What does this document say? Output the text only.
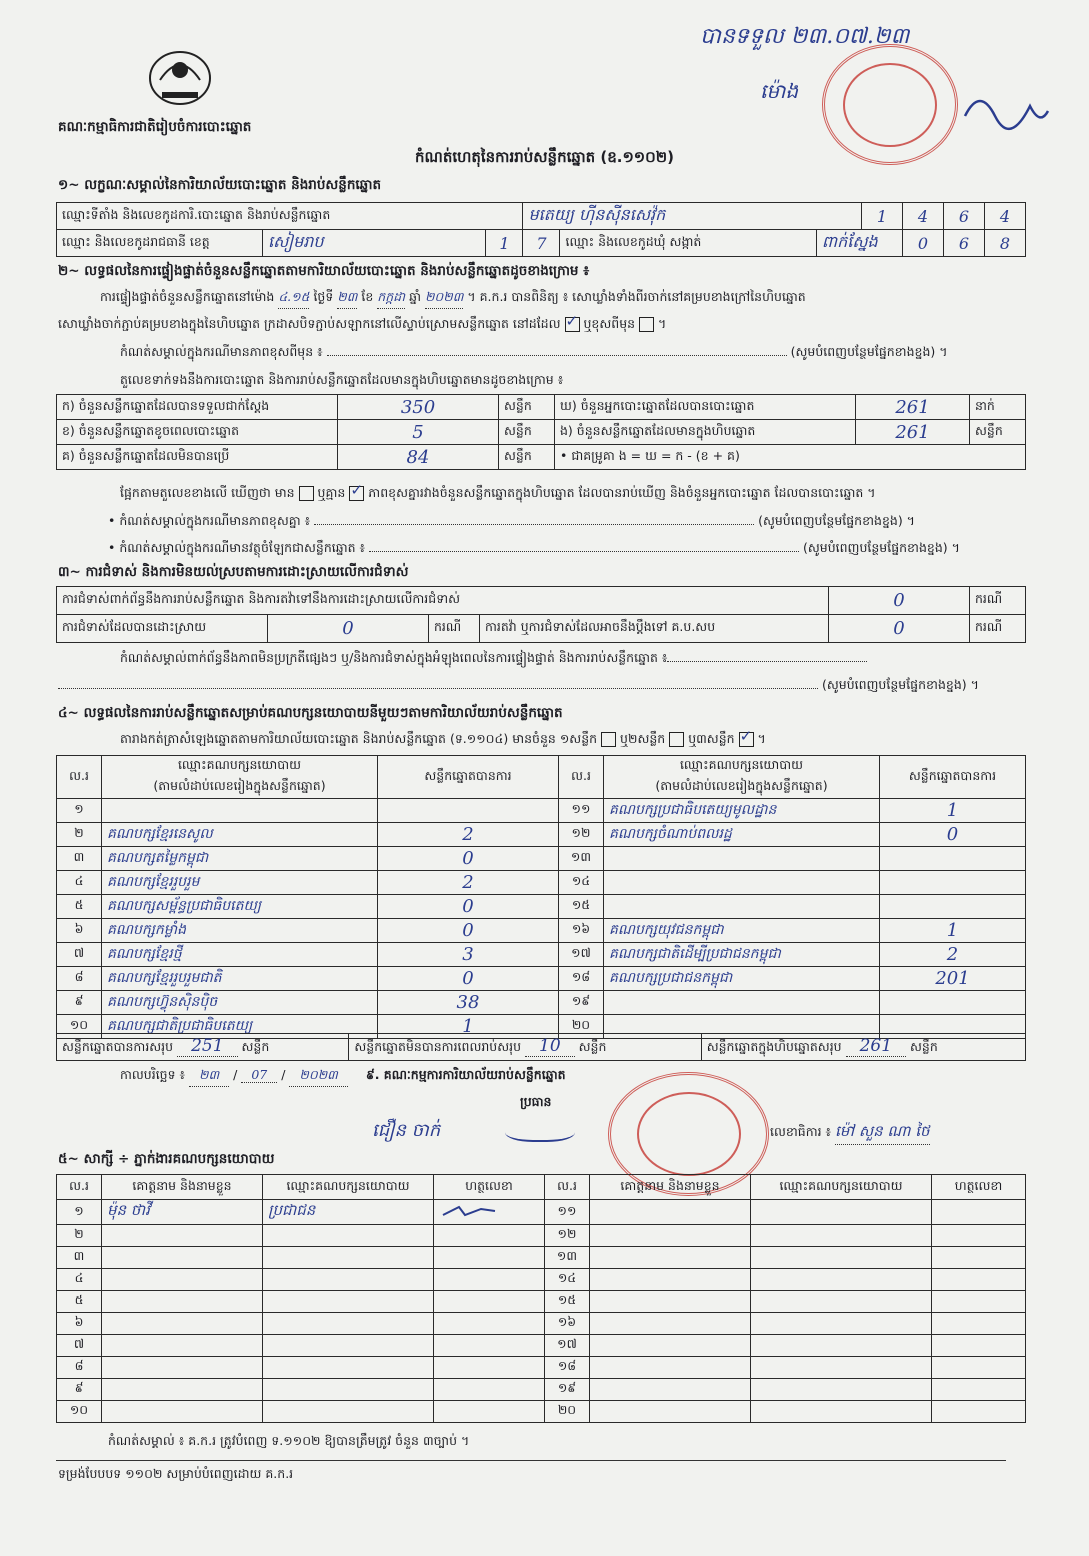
គណៈកម្មាធិការជាតិរៀបចំការបោះឆ្នោត
បានទទួល ២៣.០៧.២៣
ម៉ោង
កំណត់ហេតុនៃការរាប់សន្លឹកឆ្នោត (ឧ.១១០២)
១~ លក្ខណៈសម្គាល់នៃការិយាល័យបោះឆ្នោត និងរាប់សន្លឹកឆ្នោត
ឈ្មោះទីតាំង និងលេខកូដការិ.បោះឆ្នោត និងរាប់សន្លឹកឆ្នោត			មតេយ្យ ហ៊ីនស៊ីនសេវ៉ុក			1	4	6	4
ឈ្មោះ និងលេខកូដរាជធានី ខេត្ត	សៀមរាប	1	7	ឈ្មោះ និងលេខកូដឃុំ សង្កាត់	ពាក់ស្នែង		0	6	8
២~ លទ្ធផលនៃការផ្ទៀងផ្ទាត់ចំនួនសន្លឹកឆ្នោតតាមការិយាល័យបោះឆ្នោត និងរាប់សន្លឹកឆ្នោតដូចខាងក្រោម ៖
ការផ្ទៀងផ្ទាត់ចំនួនសន្លឹកឆ្នោតនៅម៉ោង ៤.១៥ ថ្ងៃទី ២៣ ខែ កក្កដា ឆ្នាំ ២០២៣ ។ គ.ក.រ បានពិនិត្យ ៖ សោឃ្លាំងទាំងពីរចាក់នៅគម្របខាងក្រៅនៃហិបឆ្នោត
សោឃ្លាំងចាក់ភ្ជាប់គម្របខាងក្នុងនៃហិបឆ្នោត ក្រដាសបិទភ្ជាប់សឡាកនៅលើស្ទាប់ស្រោមសន្លឹកឆ្នោត នៅដដែល ✓ ឬខុសពីមុន  ។
កំណត់សម្គាល់ក្នុងករណីមានភាពខុសពីមុន ៖	(សូមបំពេញបន្ថែមផ្នែកខាងខ្នង) ។
តួលេខទាក់ទងនឹងការបោះឆ្នោត និងការរាប់សន្លឹកឆ្នោតដែលមានក្នុងហិបឆ្នោតមានដូចខាងក្រោម ៖
ក) ចំនួនសន្លឹកឆ្នោតដែលបានទទួលជាក់ស្តែង	350	សន្លឹក	ឃ) ចំនួនអ្នកបោះឆ្នោតដែលបានបោះឆ្នោត	261	នាក់
ខ) ចំនួនសន្លឹកឆ្នោតខូចពេលបោះឆ្នោត	5	សន្លឹក	ង) ចំនួនសន្លឹកឆ្នោតដែលមានក្នុងហិបឆ្នោត	261	សន្លឹក
គ) ចំនួនសន្លឹកឆ្នោតដែលមិនបានប្រើ	84	សន្លឹក	• ជាគម្រូគា ង = ឃ = ក - (ខ + គ)		
ផ្អែកតាមតួលេខខាងលើ ឃើញថា មាន ឬគ្មាន ✓ ភាពខុសគ្នារវាងចំនួនសន្លឹកឆ្នោតក្នុងហិបឆ្នោត ដែលបានរាប់ឃើញ និងចំនួនអ្នកបោះឆ្នោត ដែលបានបោះឆ្នោត ។
• កំណត់សម្គាល់ក្នុងករណីមានភាពខុសគ្នា ៖	(សូមបំពេញបន្ថែមផ្នែកខាងខ្នង) ។
• កំណត់សម្គាល់ក្នុងករណីមានវត្ថុចំឡែកជាសន្លឹកឆ្នោត ៖	(សូមបំពេញបន្ថែមផ្នែកខាងខ្នង) ។
៣~ ការជំទាស់ និងការមិនយល់ស្របតាមការដោះស្រាយលើការជំទាស់
ការជំទាស់ពាក់ព័ន្ធនឹងការរាប់សន្លឹកឆ្នោត និងការតវ៉ាទៅនឹងការដោះស្រាយលើការជំទាស់				0	ករណី
ការជំទាស់ដែលបានដោះស្រាយ	0	ករណី	ការតវ៉ា ឬការជំទាស់ដែលអាចនឹងប្តឹងទៅ គ.ប.សប	0	ករណី
កំណត់សម្គាល់ពាក់ព័ន្ធនឹងភាពមិនប្រក្រតីផ្សេងៗ ឬ/និងការជំទាស់ក្នុងអំឡុងពេលនៃការផ្ទៀងផ្ទាត់ និងការរាប់សន្លឹកឆ្នោត ៖
(សូមបំពេញបន្ថែមផ្នែកខាងខ្នង) ។
៤~ លទ្ធផលនៃការរាប់សន្លឹកឆ្នោតសម្រាប់គណបក្សនយោបាយនីមួយៗតាមការិយាល័យរាប់សន្លឹកឆ្នោត
តារាងកត់ត្រាសំឡេងឆ្នោតតាមការិយាល័យបោះឆ្នោត និងរាប់សន្លឹកឆ្នោត (ទ.១១០៤) មានចំនួន ១សន្លឹក ឬ២សន្លឹក ឬ៣សន្លឹក ✓ ។
ល.រ	ឈ្មោះគណបក្សនយោបាយ	សន្លឹកឆ្នោតបានការ	ល.រ	ឈ្មោះគណបក្សនយោបាយ	សន្លឹកឆ្នោតបានការ
	(តាមលំដាប់លេខរៀងក្នុងសន្លឹកឆ្នោត)			(តាមលំដាប់លេខរៀងក្នុងសន្លឹកឆ្នោត)	
១			១១	គណបក្សប្រជាធិបតេយ្យមូលដ្ឋាន	1
២	គណបក្សខ្មែរនេសូល	2	១២	គណបក្សចំណាប់ពលរដ្ឋ	0
៣	គណបក្សតម្លៃកម្ពុជា	0	១៣		
៤	គណបក្សខ្មែររួបរួម	2	១៤		
៥	គណបក្សសម្ព័ន្ធប្រជាធិបតេយ្យ	0	១៥		
៦	គណបក្សកម្លាំង	0	១៦	គណបក្សយុវជនកម្ពុជា	1
៧	គណបក្សខ្មែរថ្មី	3	១៧	គណបក្សជាតិដើម្បីប្រជាជនកម្ពុជា	2
៨	គណបក្សខ្មែររួបរួមជាតិ	0	១៨	គណបក្សប្រជាជនកម្ពុជា	201
៩	គណបក្សហ៊្វុនស៊ិនប៉ិច	38	១៩		
១០	គណបក្សជាតិប្រជាធិបតេយ្យ	1	២០		
សន្លឹកឆ្នោតបានការសរុប 251 សន្លឹក	សន្លឹកឆ្នោតមិនបានការពេលរាប់សរុប 10 សន្លឹក	សន្លឹកឆ្នោតក្នុងហិបឆ្នោតសរុប 261 សន្លឹក
កាលបរិច្ឆេទ ៖ ២៣ / 07 / ២០២៣ ៩. គណៈកម្មការការិយាល័យរាប់សន្លឹកឆ្នោត
ប្រធាន
ជឿន ចាក់	លេខាធិការ ៖ ម៉ៅ សួន ណា ថៃ
៥~ សាក្សី ÷ ភ្នាក់ងារគណបក្សនយោបាយ
ល.រ	គោត្តនាម និងនាមខ្លួន	ឈ្មោះគណបក្សនយោបាយ	ហត្ថលេខា	ល.រ	គោត្តនាម និងនាមខ្លួន	ឈ្មោះគណបក្សនយោបាយ	ហត្ថលេខា
១	ម៉ុន ថាវី	ប្រជាជន		១១			
២				១២			
៣				១៣			
៤				១៤			
៥				១៥			
៦				១៦			
៧				១៧			
៨				១៨			
៩				១៩			
១០				២០			
កំណត់សម្គាល់ ៖ គ.ក.រ ត្រូវបំពេញ ទ.១១០២ ឱ្យបានត្រឹមត្រូវ ចំនួន ៣ច្បាប់ ។
ទម្រង់បែបបទ ១១០២ សម្រាប់បំពេញដោយ គ.ក.រ
